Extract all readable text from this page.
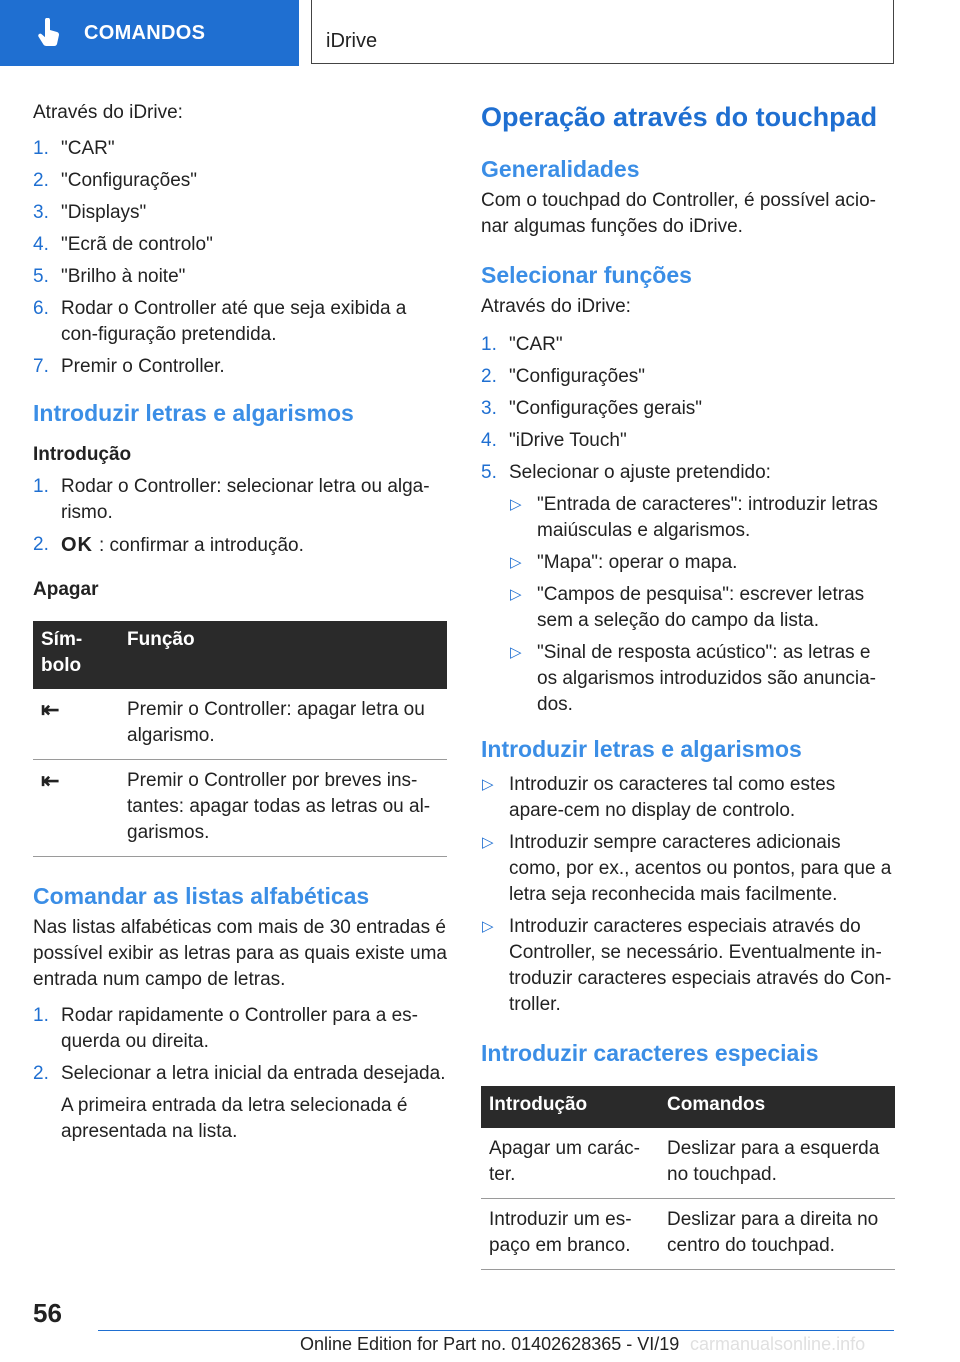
COMANDOS	iDrive

Através do iDrive:

1. "CAR"
2. "Configurações"
3. "Displays"
4. "Ecrã de controlo"
5. "Brilho à noite"
6. Rodar o Controller até que seja exibida a con-figuração pretendida.
7. Premir o Controller.

Introduzir letras e algarismos

Introdução

1. Rodar o Controller: selecionar letra ou alga-rismo.
2. OK : confirmar a introdução.

Apagar

Sím-bolo	Função
⇤	Premir o Controller: apagar letra ou algarismo.
⇤	Premir o Controller por breves ins-tantes: apagar todas as letras ou al-garismos.

Comandar as listas alfabéticas

Nas listas alfabéticas com mais de 30 entradas é possível exibir as letras para as quais existe uma entrada num campo de letras.

1. Rodar rapidamente o Controller para a es-querda ou direita.
2. Selecionar a letra inicial da entrada desejada.

A primeira entrada da letra selecionada é apresentada na lista.

Operação através do touchpad

Generalidades

Com o touchpad do Controller, é possível acio-nar algumas funções do iDrive.

Selecionar funções

Através do iDrive:

1. "CAR"
2. "Configurações"
3. "Configurações gerais"
4. "iDrive Touch"
5. Selecionar o ajuste pretendido:
▷ "Entrada de caracteres": introduzir letras maiúsculas e algarismos.
▷ "Mapa": operar o mapa.
▷ "Campos de pesquisa": escrever letras sem a seleção do campo da lista.
▷ "Sinal de resposta acústico": as letras e os algarismos introduzidos são anuncia-dos.

Introduzir letras e algarismos

▷ Introduzir os caracteres tal como estes apare-cem no display de controlo.
▷ Introduzir sempre caracteres adicionais como, por ex., acentos ou pontos, para que a letra seja reconhecida mais facilmente.
▷ Introduzir caracteres especiais através do Controller, se necessário. Eventualmente in-troduzir caracteres especiais através do Con-troller.

Introduzir caracteres especiais

Introdução	Comandos
Apagar um carác-ter.	Deslizar para a esquerda no touchpad.
Introduzir um es-paço em branco.	Deslizar para a direita no centro do touchpad.
56
Online Edition for Part no. 01402628365 - VI/19 carmanualsonline.info
